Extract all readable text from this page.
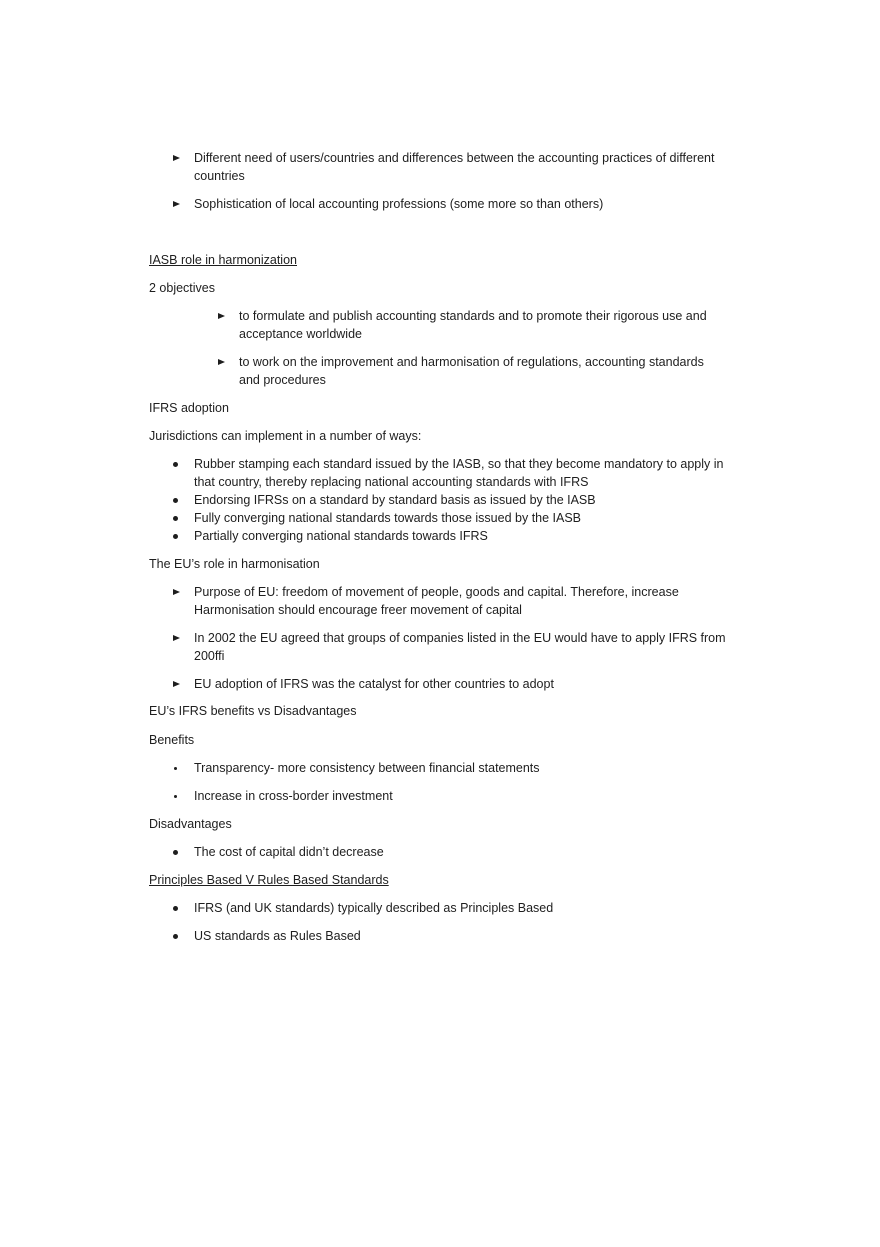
Different need of users/countries and differences between the accounting practices of different
countries
Sophistication of local accounting professions (some more so than others)
IASB role in harmonization
2 objectives
to formulate and publish accounting standards and to promote their rigorous use and
acceptance worldwide
to work on the improvement and harmonisation of regulations, accounting standards
and procedures
IFRS adoption
Jurisdictions can implement in a number of ways:
Rubber stamping each standard issued by the IASB, so that they become mandatory to apply in
that country, thereby replacing national accounting standards with IFRS
Endorsing IFRSs on a standard by standard basis as issued by the IASB
Fully converging national standards towards those issued by the IASB
Partially converging national standards towards IFRS
The EU’s role in harmonisation
Purpose of EU: freedom of movement of people, goods and capital. Therefore, increase
Harmonisation should encourage freer movement of capital
In 2002 the EU agreed that groups of companies listed in the EU would have to apply IFRS from
200ffi
EU adoption of IFRS was the catalyst for other countries to adopt
EU’s IFRS benefits vs Disadvantages
Benefits
Transparency- more consistency between financial statements
Increase in cross-border investment
Disadvantages
The cost of capital didn’t decrease
Principles Based V Rules Based Standards
IFRS (and UK standards) typically described as Principles Based
US standards as Rules Based
